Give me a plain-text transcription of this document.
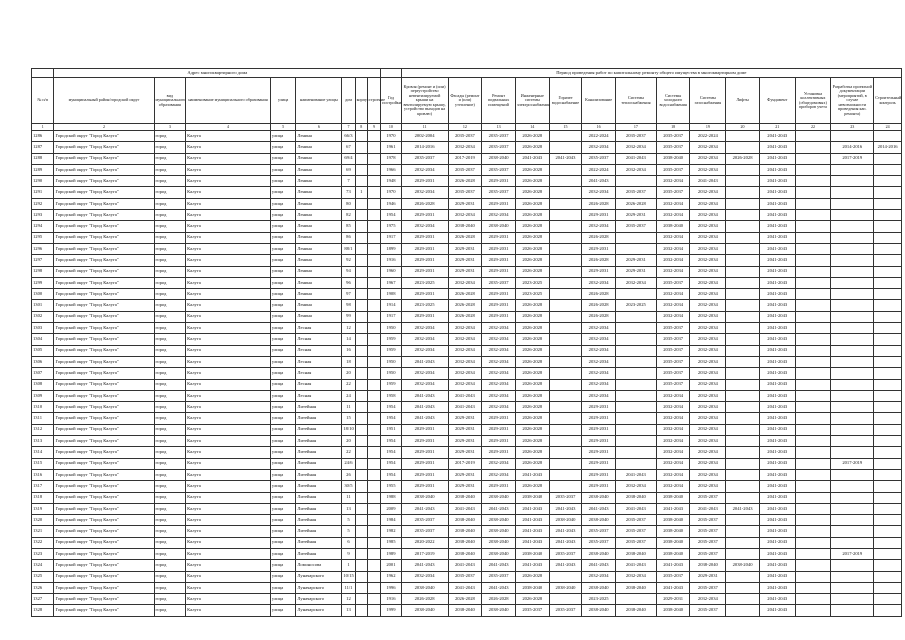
	Адрес многоквартирного дома									Период проведения работ по капитальному ремонту общего имущества в многоквартирном доме													
№ п/п	муниципальный район/городской округ	вид муниципального образования	наименование муниципального образования	улица	наименование улицы	дом	корпус	строение	Год постройки	Кровля (ремонт и (или) переустройство невентилируемой крыши на вентилируемую крышу, устройство выходов на кровлю)	Фасады (ремонт и (или) утепление)	Ремонт подвальных помещений	Инженерные системы электроснабжения	Горячее водоснабжение	Канализование	Системы теплоснабжения	Системы холодного водоснабжения	Системы газоснабжения	Лифты	Фундамент	Установка коллективных (общедомовых) приборов учета	Разработка проектной документации (мероприятий, в случае невозможности проведения кап. ремонта)	Строительный контроль
1	2	3	4	5	6	7	8	9	10	11	12	13	14	15	16	17	18	19	20	21	22	23	24
1286	Городской округ "Город Калуга"	город	Калуга	улица	Ленина	66/3			1970	2002-2004	2035-2037	2035-2037	2026-2028		2022-2024	2035-2037	2035-2037	2022-2024		2041-2043			
1287	Городской округ "Город Калуга"	город	Калуга	улица	Ленина	67			1961	2014-2016	2032-2034	2035-2037	2026-2028		2032-2034	2032-2034	2035-2037	2032-2034		2041-2043		2014-2016	2014-2016
1288	Городской округ "Город Калуга"	город	Калуга	улица	Ленина	69/4			1978	2035-2037	2017-2019	2038-2040	2041-2043	2041-2043	2035-2037	2041-2043	2038-2040	2032-2034	2026-2028	2041-2043		2017-2019	
1289	Городской округ "Город Калуга"	город	Калуга	улица	Ленина	69			1966	2032-2034	2035-2037	2035-2037	2026-2028		2022-2024	2032-2034	2035-2037	2032-2034		2041-2043			
1290	Городской округ "Город Калуга"	город	Калуга	улица	Ленина	7			1948	2029-2031	2026-2028	2029-2031	2026-2028		2041-2043		2032-2034	2041-2043		2041-2043			
1291	Городской округ "Город Калуга"	город	Калуга	улица	Ленина	73	1		1970	2032-2034	2035-2037	2035-2037	2026-2028		2032-2034	2035-2037	2035-2037	2032-2034		2041-2043			
1292	Городской округ "Город Калуга"	город	Калуга	улица	Ленина	80			1946	2026-2028	2029-2031	2029-2031	2026-2028		2026-2028	2026-2028	2032-2034	2032-2034		2041-2043			
1293	Городской округ "Город Калуга"	город	Калуга	улица	Ленина	82			1954	2029-2031	2032-2034	2032-2034	2026-2028		2029-2031	2029-2031	2032-2034	2032-2034		2041-2043			
1294	Городской округ "Город Калуга"	город	Калуга	улица	Ленина	85			1975	2032-2034	2038-2040	2038-2040	2026-2028		2032-2034	2035-2037	2038-2040	2032-2034		2041-2043			
1295	Городской округ "Город Калуга"	город	Калуга	улица	Ленина	86			1917	2029-2031	2026-2028	2029-2031	2026-2028		2026-2028		2032-2034	2032-2034		2041-2043			
1296	Городской округ "Город Калуга"	город	Калуга	улица	Ленина	88/1			1899	2029-2031	2029-2031	2029-2031	2026-2028		2029-2031		2032-2034	2032-2034		2041-2043			
1297	Городской округ "Город Калуга"	город	Калуга	улица	Ленина	92			1916	2029-2031	2029-2031	2029-2031	2026-2028		2026-2028	2029-2031	2032-2034	2032-2034		2041-2043			
1298	Городской округ "Город Калуга"	город	Калуга	улица	Ленина	94			1960	2029-2031	2029-2031	2029-2031	2026-2028		2029-2031	2029-2031	2032-2034	2032-2034		2041-2043			
1299	Городской округ "Город Калуга"	город	Калуга	улица	Ленина	96			1967	2023-2025	2032-2034	2035-2037	2023-2025		2032-2034	2032-2034	2035-2037	2032-2034		2041-2043			
1300	Городской округ "Город Калуга"	город	Калуга	улица	Ленина	97			1908	2029-2031	2026-2028	2029-2031	2023-2025		2026-2028		2032-2034	2032-2034		2041-2043			
1301	Городской округ "Город Калуга"	город	Калуга	улица	Ленина	98			1914	2023-2025	2026-2028	2029-2031	2026-2028		2026-2028	2023-2025	2032-2034	2032-2034		2041-2043			
1302	Городской округ "Город Калуга"	город	Калуга	улица	Ленина	99			1917	2029-2031	2026-2028	2029-2031	2026-2028		2026-2028		2032-2034	2032-2034		2041-2043			
1303	Городской округ "Город Калуга"	город	Калуга	улица	Лесная	12			1950	2032-2034	2032-2034	2032-2034	2026-2028		2032-2034		2035-2037	2032-2034		2041-2043			
1304	Городской округ "Город Калуга"	город	Калуга	улица	Лесная	14			1959	2032-2034	2032-2034	2032-2034	2026-2028		2032-2034		2035-2037	2032-2034		2041-2043			
1305	Городской округ "Город Калуга"	город	Калуга	улица	Лесная	16			1959	2032-2034	2032-2034	2032-2034	2026-2028		2032-2034		2035-2037	2032-2034		2041-2043			
1306	Городской округ "Город Калуга"	город	Калуга	улица	Лесная	18			1950	2041-2043	2032-2034	2032-2034	2026-2028		2032-2034		2035-2037	2032-2034		2041-2043			
1307	Городской округ "Город Калуга"	город	Калуга	улица	Лесная	20			1950	2032-2034	2032-2034	2032-2034	2026-2028		2032-2034		2035-2037	2032-2034		2041-2043			
1308	Городской округ "Город Калуга"	город	Калуга	улица	Лесная	22			1959	2032-2034	2032-2034	2032-2034	2026-2028		2032-2034		2035-2037	2032-2034		2041-2043			
1309	Городской округ "Город Калуга"	город	Калуга	улица	Лесная	24			1958	2041-2043	2041-2043	2032-2034	2026-2028		2032-2034		2032-2034	2032-2034		2041-2043			
1310	Городской округ "Город Калуга"	город	Калуга	улица	Литейная	11			1954	2041-2043	2041-2043	2032-2034	2026-2028		2029-2031		2032-2034	2032-2034		2041-2043			
1311	Городской округ "Город Калуга"	город	Калуга	улица	Литейная	15			1954	2041-2043	2029-2031	2029-2031	2026-2028		2029-2031		2032-2034	2032-2034		2041-2043			
1312	Городской округ "Город Калуга"	город	Калуга	улица	Литейная	18/10			1951	2029-2031	2029-2031	2029-2031	2026-2028		2029-2031		2032-2034	2032-2034		2041-2043			
1313	Городской округ "Город Калуга"	город	Калуга	улица	Литейная	20			1954	2029-2031	2029-2031	2029-2031	2026-2028		2029-2031		2032-2034	2032-2034		2041-2043			
1314	Городской округ "Город Калуга"	город	Калуга	улица	Литейная	22			1954	2029-2031	2029-2031	2029-2031	2026-2028		2029-2031		2032-2034	2032-2034		2041-2043			
1315	Городской округ "Город Калуга"	город	Калуга	улица	Литейная	24/6			1954	2029-2031	2017-2019	2032-2034	2026-2028		2029-2031		2032-2034	2032-2034		2041-2043		2017-2019	
1316	Городской округ "Город Калуга"	город	Калуга	улица	Литейная	26			1954	2029-2031	2029-2031	2032-2034	2041-2043		2029-2031	2041-2043	2032-2034	2032-2034		2041-2043			
1317	Городской округ "Город Калуга"	город	Калуга	улица	Литейная	30/5			1955	2029-2031	2029-2031	2029-2031	2026-2028		2029-2031	2032-2034	2032-2034	2032-2034		2041-2043			
1318	Городской округ "Город Калуга"	город	Калуга	улица	Литейная	11			1988	2038-2040	2038-2040	2038-2040	2038-2040	2035-2037	2038-2040	2038-2040	2038-2040	2035-2037		2041-2043			
1319	Городской округ "Город Калуга"	город	Калуга	улица	Литейная	13			2009	2041-2043	2041-2043	2041-2043	2041-2043	2041-2043	2041-2043	2041-2043	2041-2043	2041-2043	2041-2043	2041-2043			
1320	Городской округ "Город Калуга"	город	Калуга	улица	Литейная	5			1984	2035-2037	2038-2040	2038-2040	2041-2043	2038-2040	2038-2040	2035-2037	2038-2040	2035-2037		2041-2043			
1321	Городской округ "Город Калуга"	город	Калуга	улица	Литейная	5			1982	2035-2037	2038-2040	2038-2040	2041-2043	2041-2043	2035-2037	2035-2037	2038-2040	2035-2037		2041-2043			
1322	Городской округ "Город Калуга"	город	Калуга	улица	Литейная	6			1985	2020-2022	2038-2040	2038-2040	2041-2043	2041-2043	2035-2037	2035-2037	2038-2040	2035-2037		2041-2043			
1323	Городской округ "Город Калуга"	город	Калуга	улица	Литейная	9			1989	2017-2019	2038-2040	2038-2040	2038-2040	2035-2037	2038-2040	2038-2040	2038-2040	2035-2037		2041-2043		2017-2019	
1324	Городской округ "Город Калуга"	город	Калуга	улица	Ломоносова	1			2001	2041-2043	2041-2043	2041-2043	2041-2043	2041-2043	2041-2043	2041-2043	2041-2043	2038-2040	2038-2040	2041-2043			
1325	Городской округ "Город Калуга"	город	Калуга	улица	Луначарского	10/15			1962	2032-2034	2035-2037	2035-2037	2026-2028		2032-2034	2032-2034	2035-2037	2029-2031		2041-2043			
1326	Городской округ "Город Калуга"	город	Калуга	улица	Луначарского	11/1			1996	2038-2040	2041-2043	2041-2043	2038-2040	2038-2040	2038-2040	2038-2040	2041-2043	2035-2037		2041-2043			
1327	Городской округ "Город Калуга"	город	Калуга	улица	Луначарского	12			1916	2026-2028	2026-2028	2026-2028	2026-2028		2023-2025		2029-2031	2032-2034		2041-2043			
1328	Городской округ "Город Калуга"	город	Калуга	улица	Луначарского	13			1999	2038-2040	2038-2040	2038-2040	2035-2037	2035-2037	2038-2040	2038-2040	2038-2040	2035-2037		2041-2043			
